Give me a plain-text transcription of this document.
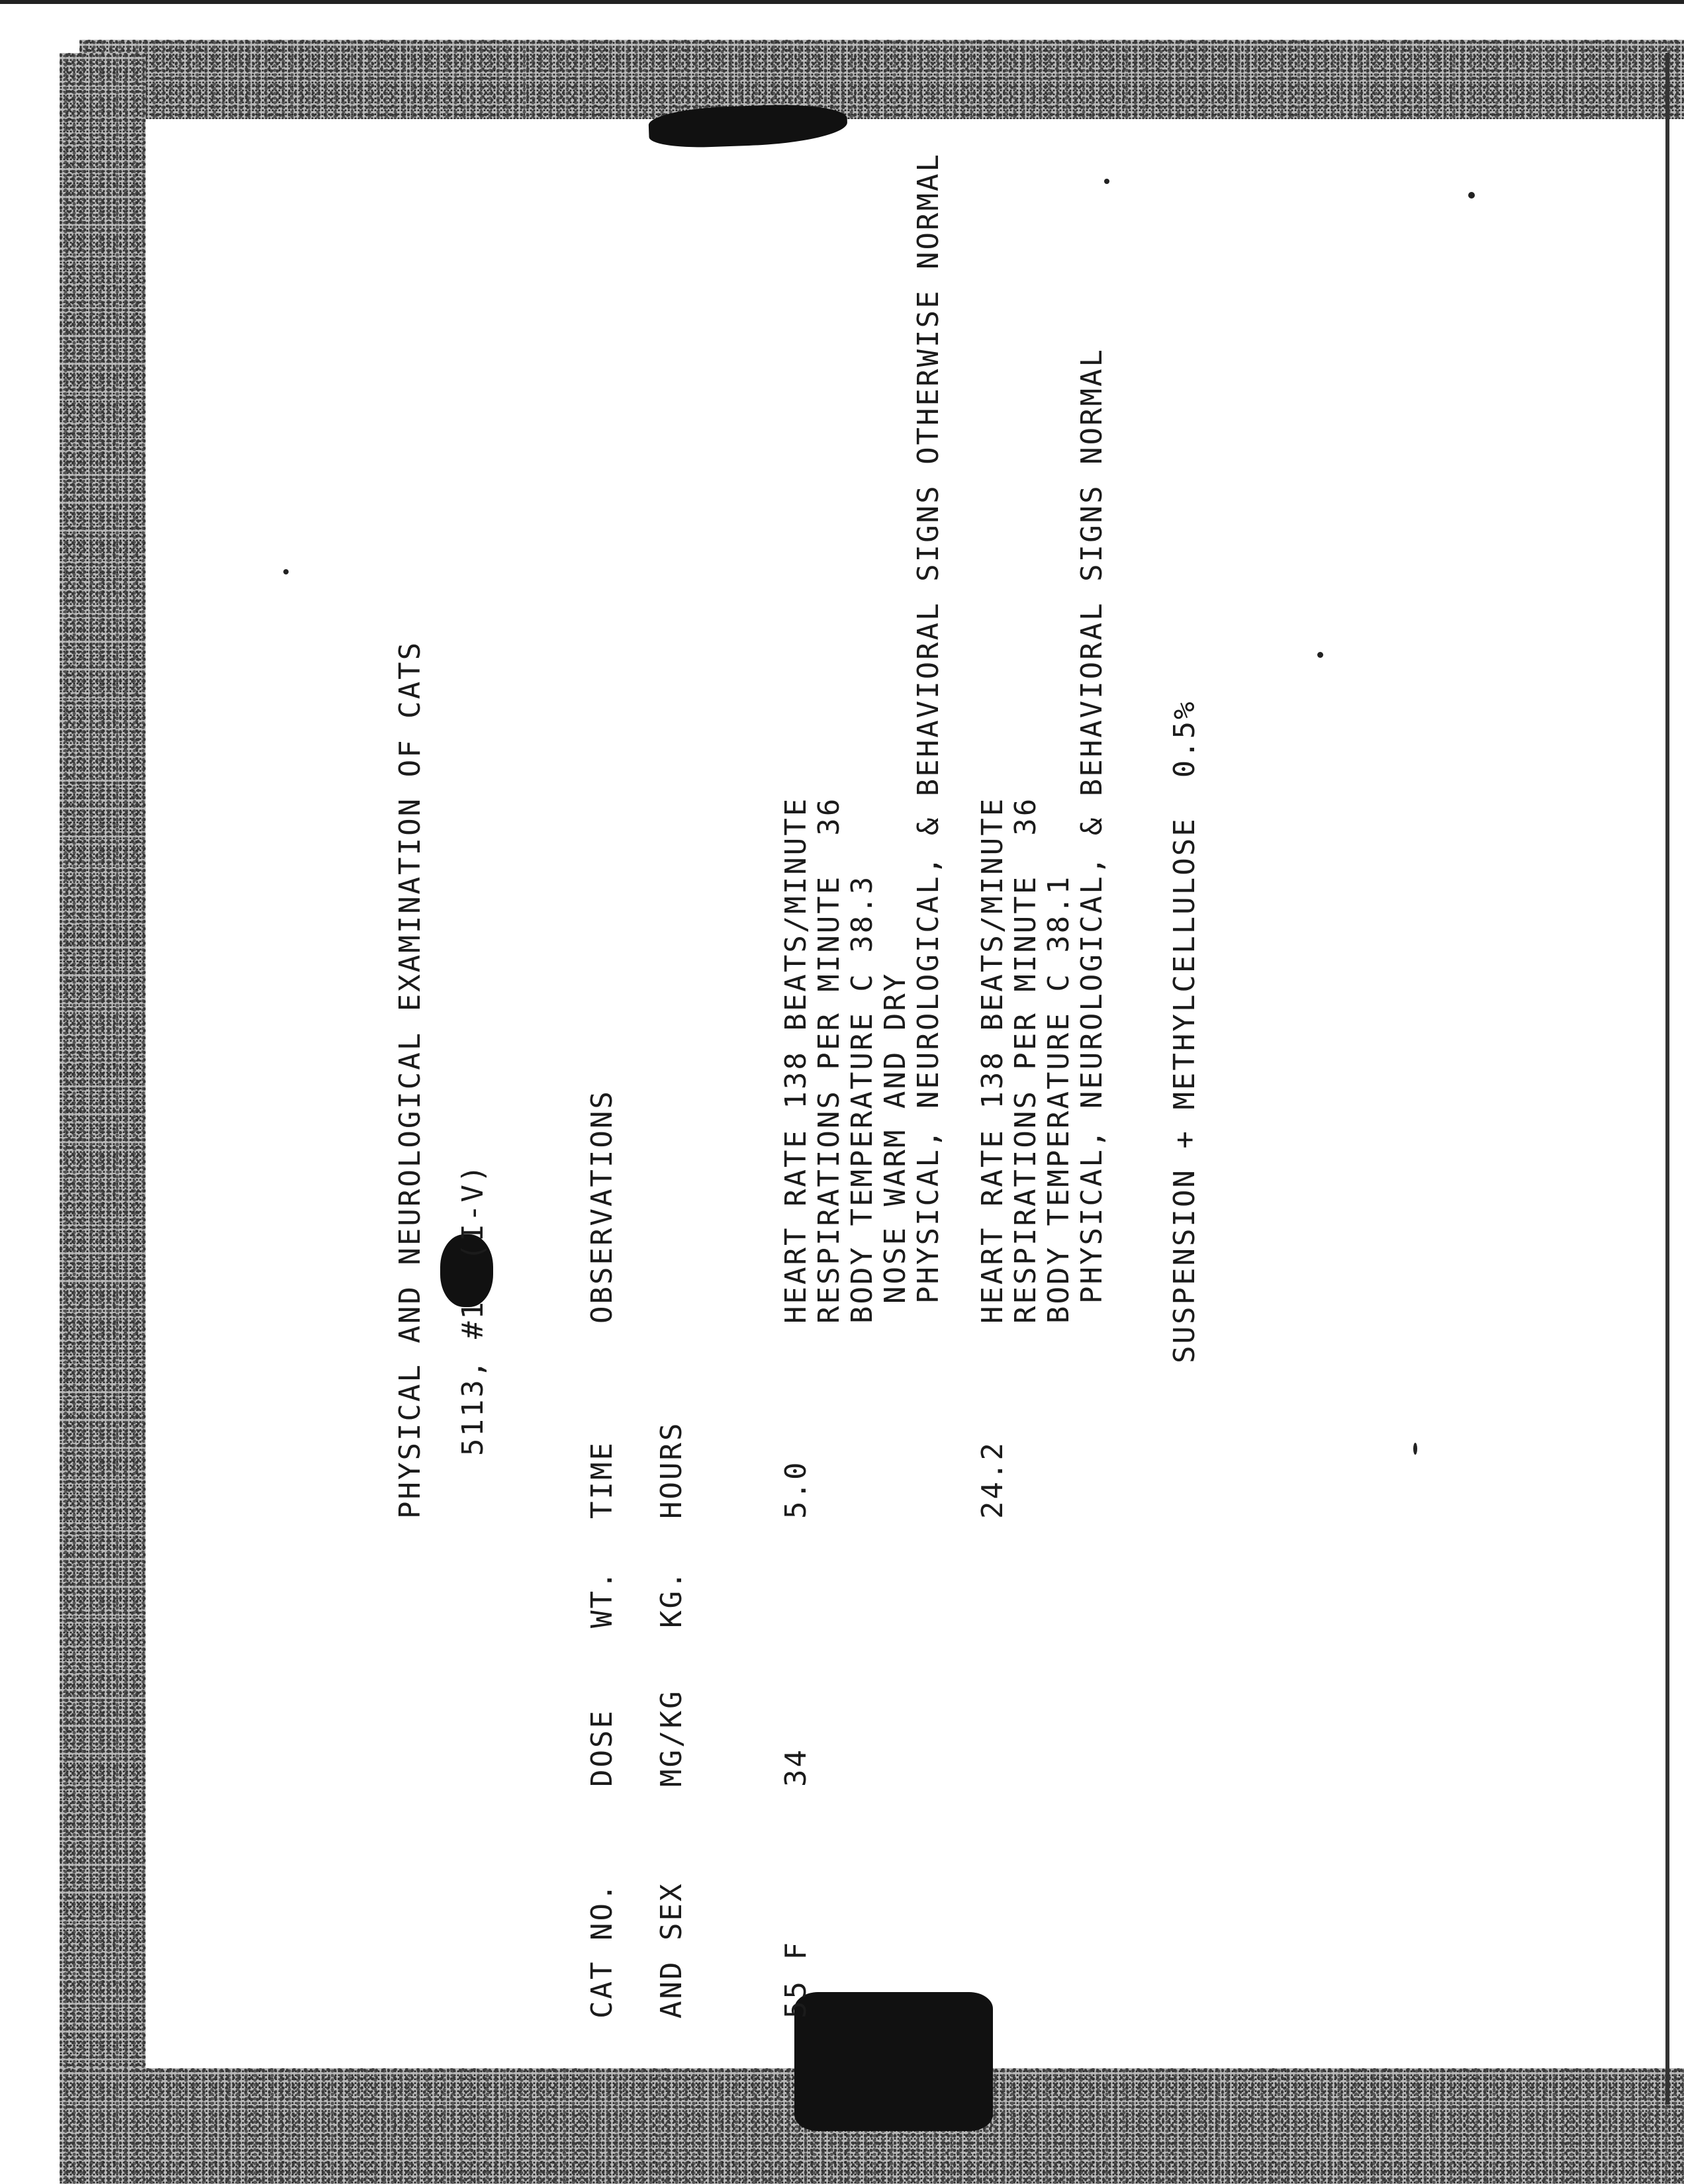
PHYSICAL AND NEUROLOGICAL EXAMINATION OF CATS 5113, #1  (I-V)
CAT NO. AND SEX
DOSE MG/KG
WT. KG.
TIME HOURS
OBSERVATIONS
55 F
34
5.0	24.2
HEART RATE 138 BEATS/MINUTE RESPIRATIONS PER MINUTE  36 BODY TEMPERATURE C 38.3 NOSE WARM AND DRY PHYSICAL, NEUROLOGICAL, & BEHAVIORAL SIGNS OTHERWISE NORMAL HEART RATE 138 BEATS/MINUTE RESPIRATIONS PER MINUTE  36 BODY TEMPERATURE C 38.1 PHYSICAL, NEUROLOGICAL, & BEHAVIORAL SIGNS NORMAL SUSPENSION + METHYLCELLULOSE  0.5%
